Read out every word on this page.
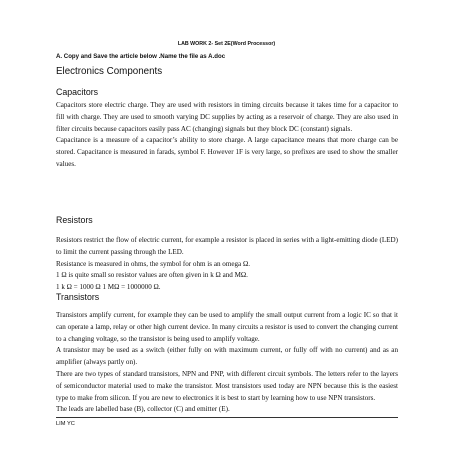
LAB WORK 2- Set 2E(Word Processor)
A. Copy and Save the article below .Name the file as A.doc
Electronics Components
Capacitors

Capacitors store electric charge. They are used with resistors in timing circuits because it takes time for a capacitor to fill with charge. They are used to smooth varying DC supplies by acting as a reservoir of charge. They are also used in filter circuits because capacitors easily pass AC (changing) signals but they block DC (constant) signals.

Capacitance is a measure of a capacitor’s ability to store charge. A large capacitance means that more charge can be stored. Capacitance is measured in farads, symbol F. However 1F is very large, so prefixes are used to show the smaller values.

Resistors

Resistors restrict the flow of electric current, for example a resistor is placed in series with a light-emitting diode (LED) to limit the current passing through the LED.

Resistance is measured in ohms, the symbol for ohm is an omega Ω.

1 Ω is quite small so resistor values are often given in k Ω and MΩ.

1 k Ω = 1000 Ω 1 MΩ = 1000000 Ω.

Transistors

Transistors amplify current, for example they can be used to amplify the small output current from a logic IC so that it can operate a lamp, relay or other high current device. In many circuits a resistor is used to convert the changing current to a changing voltage, so the transistor is being used to amplify voltage.

A transistor may be used as a switch (either fully on with maximum current, or fully off with no current) and as an amplifier (always partly on).

There are two types of standard transistors, NPN and PNP, with different circuit symbols. The letters refer to the layers of semiconductor material used to make the transistor. Most transistors used today are NPN because this is the easiest type to make from silicon. If you are new to electronics it is best to start by learning how to use NPN transistors.

The leads are labelled base (B), collector (C) and emitter (E).

LIM YC
